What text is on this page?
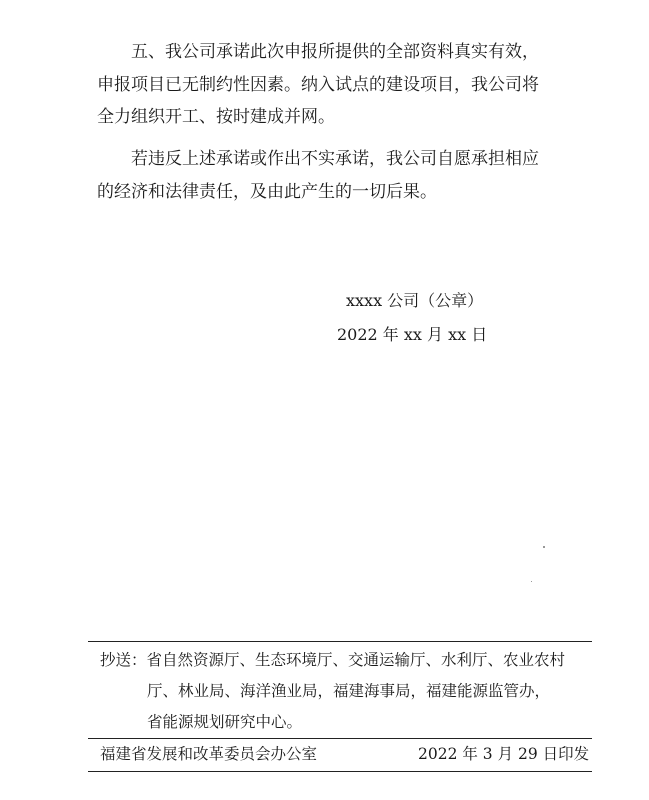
五、我公司承诺此次申报所提供的全部资料真实有效，
申报项目已无制约性因素。纳入试点的建设项目，我公司将
全力组织开工、按时建成并网。
若违反上述承诺或作出不实承诺，我公司自愿承担相应
的经济和法律责任，及由此产生的一切后果。
xxxx 公司（公章）
2022 年 xx 月 xx 日
抄送：省自然资源厅、生态环境厅、交通运输厅、水利厅、农业农村
厅、林业局、海洋渔业局，福建海事局，福建能源监管办，
省能源规划研究中心。
福建省发展和改革委员会办公室	2022 年 3 月 29 日印发
